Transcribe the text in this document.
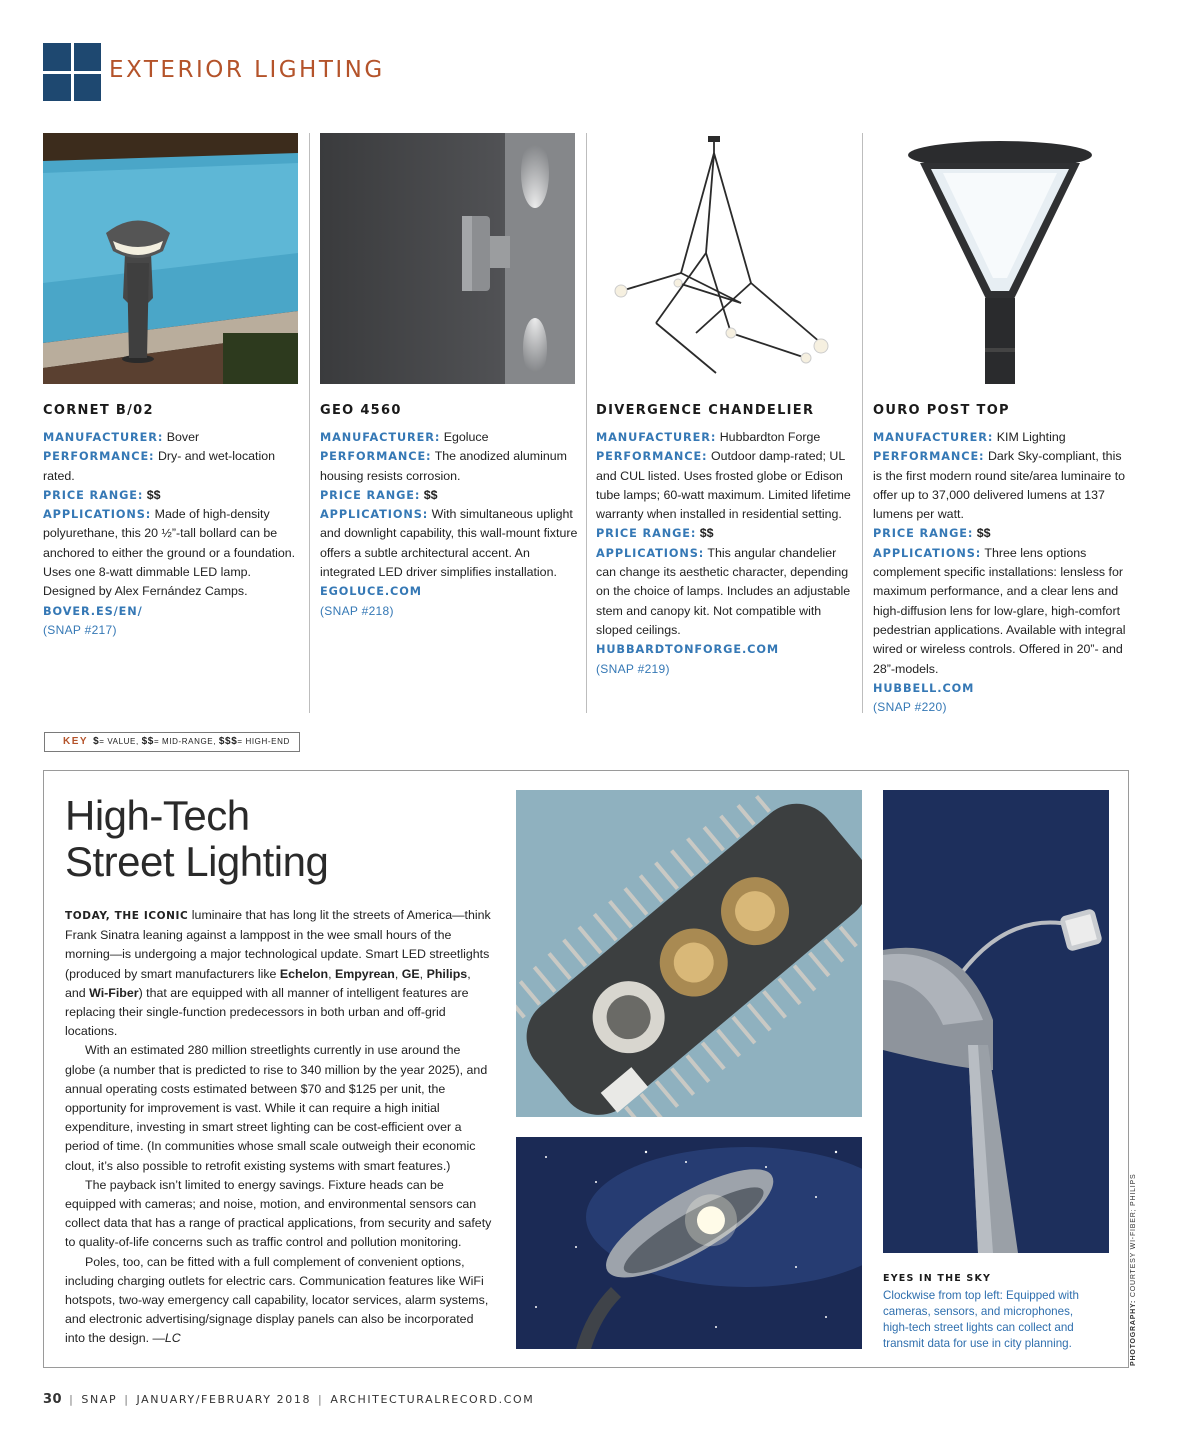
EXTERIOR LIGHTING
CORNET B/02

MANUFACTURER: Bover

PERFORMANCE: Dry- and wet-location rated.

PRICE RANGE: $$

APPLICATIONS: Made of high-density polyurethane, this 20 ½”-tall bollard can be anchored to either the ground or a foundation. Uses one 8-watt dimmable LED lamp. Designed by Alex Fernández Camps.

BOVER.ES/EN/

(SNAP #217)

GEO 4560

MANUFACTURER: Egoluce

PERFORMANCE: The anodized aluminum housing resists corrosion.

PRICE RANGE: $$

APPLICATIONS: With simultaneous uplight and downlight capability, this wall-mount fixture offers a subtle architectural accent. An integrated LED driver simplifies installation.

EGOLUCE.COM

(SNAP #218)

DIVERGENCE CHANDELIER

MANUFACTURER: Hubbardton Forge

PERFORMANCE: Outdoor damp-rated; UL and CUL listed. Uses frosted globe or Edison tube lamps; 60-watt maximum. Limited lifetime warranty when installed in residential setting.

PRICE RANGE: $$

APPLICATIONS: This angular chandelier can change its aesthetic character, depending on the choice of lamps. Includes an adjustable stem and canopy kit. Not compatible with sloped ceilings.

HUBBARDTONFORGE.COM

(SNAP #219)

OURO POST TOP

MANUFACTURER: KIM Lighting

PERFORMANCE: Dark Sky-compliant, this is the first modern round site/area luminaire to offer up to 37,000 delivered lumens at 137 lumens per watt.

PRICE RANGE: $$

APPLICATIONS: Three lens options complement specific installations: lensless for maximum performance, and a clear lens and high-diffusion lens for low-glare, high-comfort pedestrian applications. Available with integral wired or wireless controls. Offered in 20”- and 28”-models.

HUBBELL.COM

(SNAP #220)

KEY $= VALUE, $$= MID-RANGE, $$$= HIGH-END
High-Tech
Street Lighting

TODAY, THE ICONIC luminaire that has long lit the streets of America—think Frank Sinatra leaning against a lamppost in the wee small hours of the morning—is undergoing a major technological update. Smart LED streetlights (produced by smart manufacturers like Echelon, Empyrean, GE, Philips, and Wi-Fiber) that are equipped with all manner of intelligent features are replacing their single-function predecessors in both urban and off-grid locations.

With an estimated 280 million streetlights currently in use around the globe (a number that is predicted to rise to 340 million by the year 2025), and annual operating costs estimated between $70 and $125 per unit, the opportunity for improvement is vast. While it can require a high initial expenditure, investing in smart street lighting can be cost-efficient over a period of time. (In communities whose small scale outweigh their economic clout, it’s also possible to retrofit existing systems with smart features.)

The payback isn’t limited to energy savings. Fixture heads can be equipped with cameras; and noise, motion, and environmental sensors can collect data that has a range of practical applications, from security and safety to quality-of-life concerns such as traffic control and pollution monitoring.

Poles, too, can be fitted with a full complement of convenient options, including charging outlets for electric cars. Communication features like WiFi hotspots, two-way emergency call capability, locator services, alarm systems, and electronic advertising/signage display panels can also be incorporated into the design. —LC

EYES IN THE SKY
Clockwise from top left: Equipped with cameras, sensors, and microphones, high-tech street lights can collect and transmit data for use in city planning.	PHOTOGRAPHY: COURTESY WI-FIBER; PHILIPS
30 | SNAP | JANUARY/FEBRUARY 2018 | ARCHITECTURALRECORD.COM
